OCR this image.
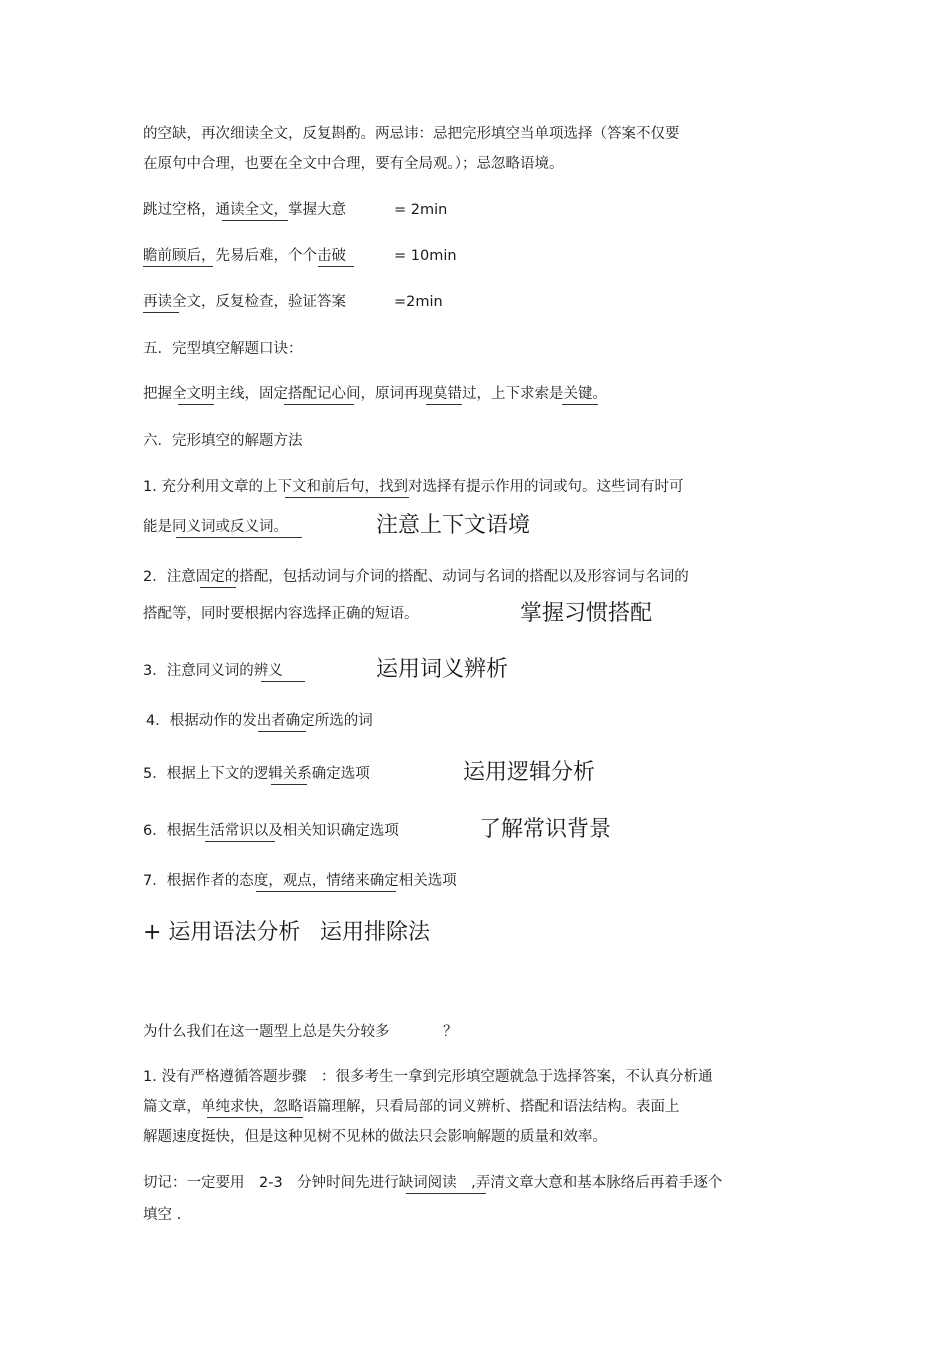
的空缺，再次细读全文，反复斟酌。两忌讳：忌把完形填空当单项选择（答案不仅要
在原句中合理，也要在全文中合理，要有全局观。）；忌忽略语境。
跳过空格，通读全文，掌握大意	= 2min
瞻前顾后，先易后难，个个击破	= 10min
再读全文，反复检查，验证答案	=2min
五．完型填空解题口诀：
把握全文明主线，固定搭配记心间，原词再现莫错过，上下求索是关键。
六．完形填空的解题方法
1. 充分利用文章的上下文和前后句，找到对选择有提示作用的词或句。这些词有时可
能是同义词或反义词。	注意上下文语境
2．注意固定的搭配，包括动词与介词的搭配、动词与名词的搭配以及形容词与名词的
搭配等，同时要根据内容选择正确的短语。	掌握习惯搭配
3．注意同义词的辨义	运用词义辨析
4．根据动作的发出者确定所选的词
5．根据上下文的逻辑关系确定选项	运用逻辑分析
6．根据生活常识以及相关知识确定选项	了解常识背景
7．根据作者的态度，观点，情绪来确定相关选项
+ 运用语法分析 运用排除法
为什么我们在这一题型上总是失分较多	？
1. 没有严格遵循答题步骤　：很多考生一拿到完形填空题就急于选择答案，不认真分析通
篇文章，单纯求快，忽略语篇理解，只看局部的词义辨析、搭配和语法结构。表面上
解题速度挺快，但是这种见树不见林的做法只会影响解题的质量和效率。
切记：一定要用　2-3　分钟时间先进行缺词阅读　,弄清文章大意和基本脉络后再着手逐个
填空 .
